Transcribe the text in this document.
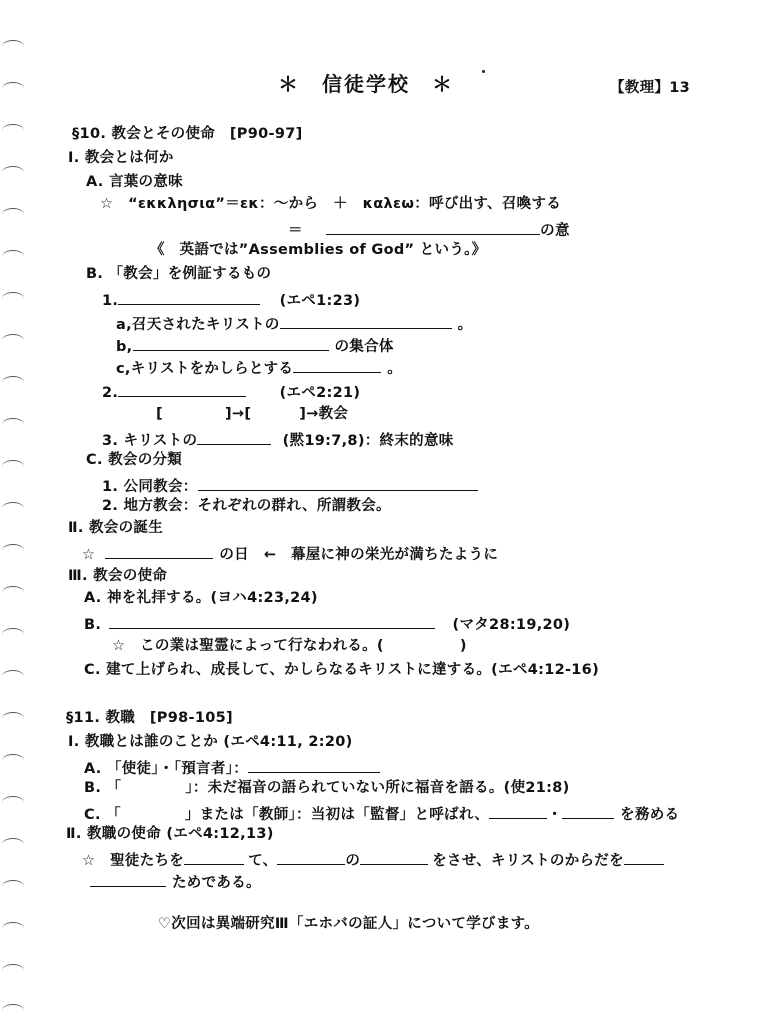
＊　信徒学校　＊	【教理】13
§10. 教会とその使命　[P90-97]
Ⅰ. 教会とは何か
A. 言葉の意味
☆　“εκκλησια”＝εκ：～から　＋　καλεω：呼び出す、召喚する
＝	の意
《　英語では”Assemblies of God” という。》
B. 「教会」を例証するもの
1.	(エペ1:23)
a,召天されたキリストの	。
b,	の集合体
c,キリストをかしらとする	。
2.	(エペ2:21)
[	]→[	]→教会
3. キリストの	(黙19:7,8)：終末的意味
C. 教会の分類
1. 公同教会：
2. 地方教会：それぞれの群れ、所謂教会。
Ⅱ. 教会の誕生
☆	の日　←　幕屋に神の栄光が満ちたように
Ⅲ. 教会の使命
A. 神を礼拝する。(ヨハ4:23,24)
B.	(マタ28:19,20)
☆　この業は聖霊によって行なわれる。(	)
C. 建て上げられ、成長して、かしらなるキリストに達する。(エペ4:12-16)
§11. 教職　[P98-105]
Ⅰ. 教職とは誰のことか (エペ4:11, 2:20)
A. 「使徒」・「預言者」：
B. 「	」：未だ福音の語られていない所に福音を語る。(使21:8)
C. 「	」または「教師」：当初は「監督」と呼ばれ、	・	を務める
Ⅱ. 教職の使命 (エペ4:12,13)
☆　聖徒たちを	て、	の	をさせ、キリストのからだを
ためである。
♡次回は異端研究Ⅲ「エホバの証人」について学びます。
